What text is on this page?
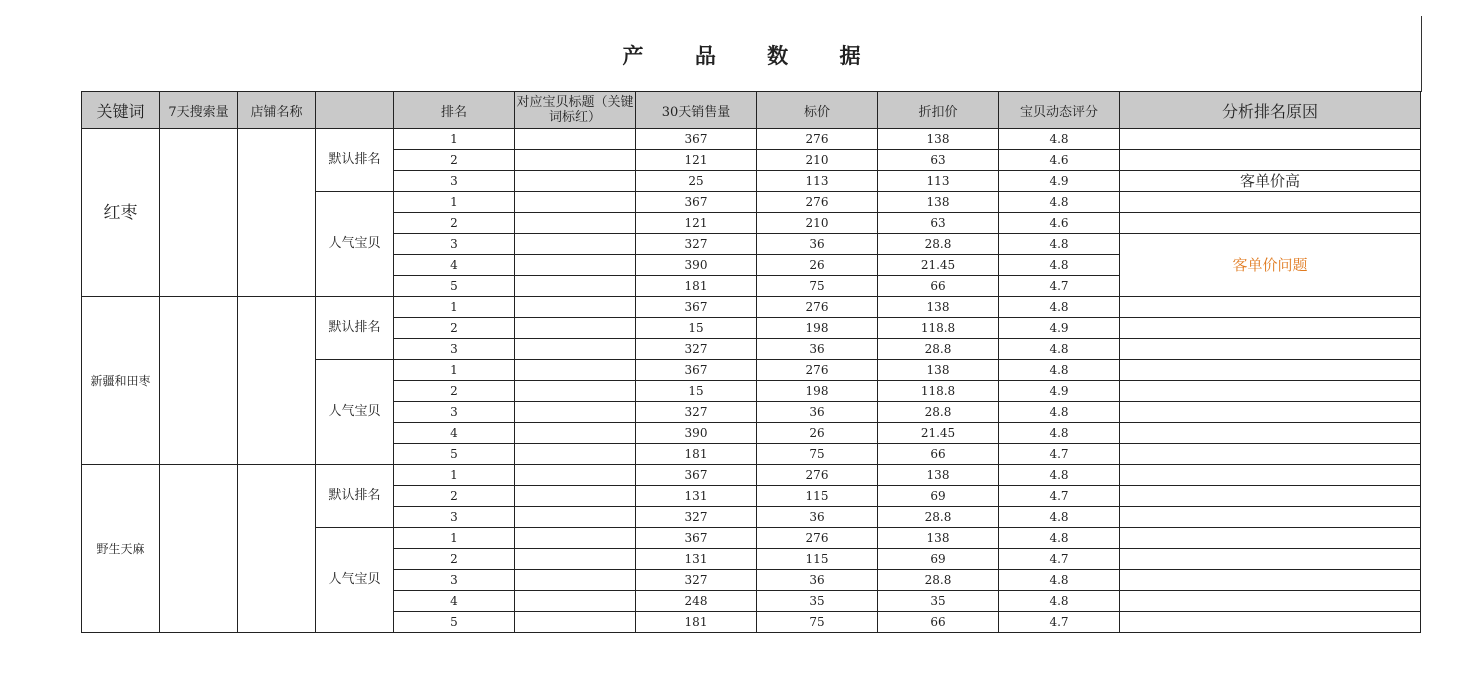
产 品 数 据
关键词	7天搜索量	店铺名称		排名	对应宝贝标题（关键词标红）	30天销售量	标价	折扣价	宝贝动态评分	分析排名原因
红枣			默认排名	1		367	276	138	4.8	
				2		121	210	63	4.6	
				3		25	113	113	4.9	客单价高
			人气宝贝	1		367	276	138	4.8	
				2		121	210	63	4.6	
				3		327	36	28.8	4.8	客单价问题
				4		390	26	21.45	4.8	
				5		181	75	66	4.7	
新疆和田枣			默认排名	1		367	276	138	4.8	
				2		15	198	118.8	4.9	
				3		327	36	28.8	4.8	
			人气宝贝	1		367	276	138	4.8	
				2		15	198	118.8	4.9	
				3		327	36	28.8	4.8	
				4		390	26	21.45	4.8	
				5		181	75	66	4.7	
野生天麻			默认排名	1		367	276	138	4.8	
				2		131	115	69	4.7	
				3		327	36	28.8	4.8	
			人气宝贝	1		367	276	138	4.8	
				2		131	115	69	4.7	
				3		327	36	28.8	4.8	
				4		248	35	35	4.8	
				5		181	75	66	4.7	
